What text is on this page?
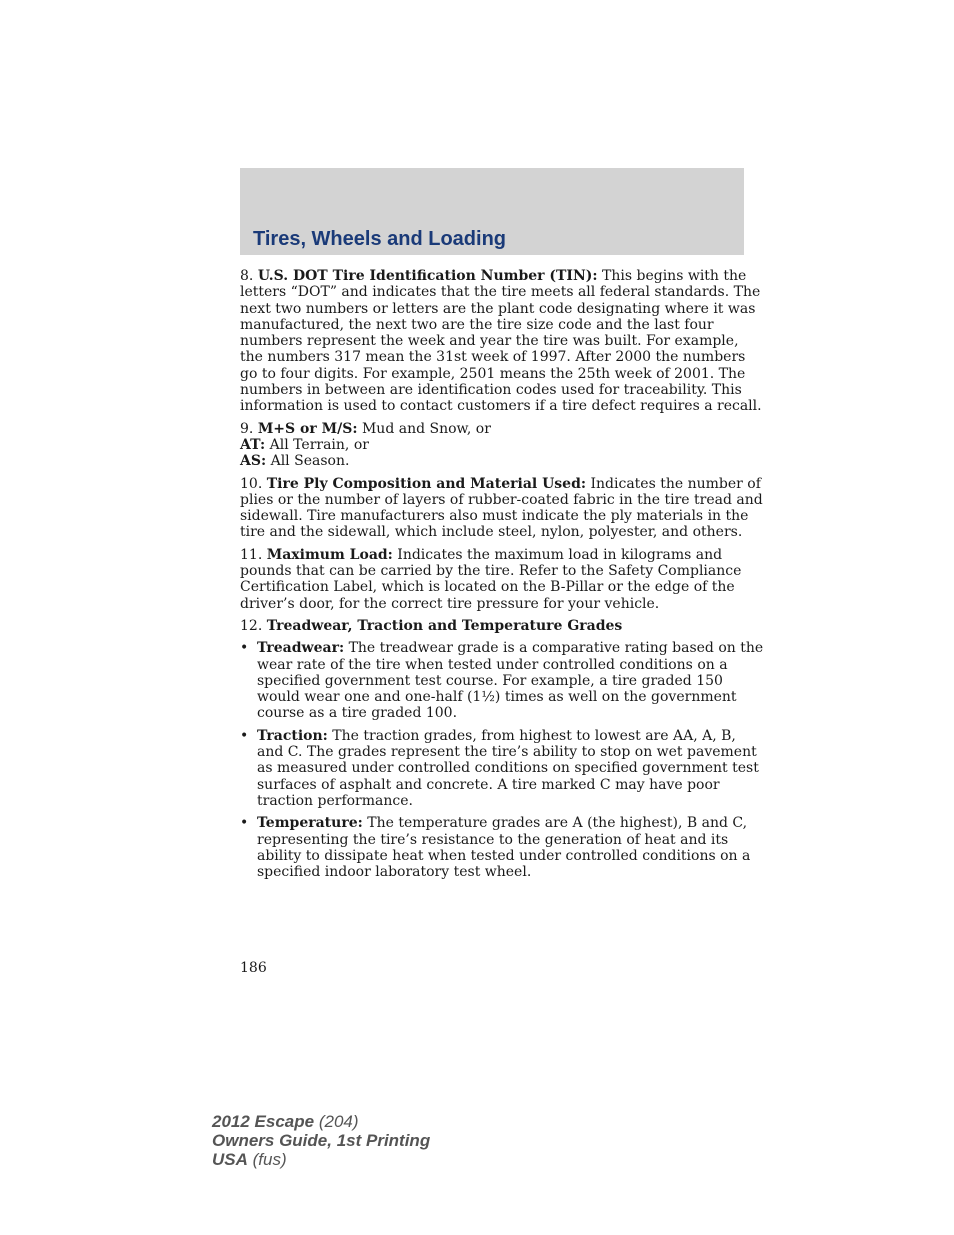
Tires, Wheels and Loading
8. U.S. DOT Tire Identification Number (TIN): This begins with the
letters “DOT” and indicates that the tire meets all federal standards. The
next two numbers or letters are the plant code designating where it was
manufactured, the next two are the tire size code and the last four
numbers represent the week and year the tire was built. For example,
the numbers 317 mean the 31st week of 1997. After 2000 the numbers
go to four digits. For example, 2501 means the 25th week of 2001. The
numbers in between are identification codes used for traceability. This
information is used to contact customers if a tire defect requires a recall.
9. M+S or M/S: Mud and Snow, or
AT: All Terrain, or
AS: All Season.
10. Tire Ply Composition and Material Used: Indicates the number of
plies or the number of layers of rubber-coated fabric in the tire tread and
sidewall. Tire manufacturers also must indicate the ply materials in the
tire and the sidewall, which include steel, nylon, polyester, and others.
11. Maximum Load: Indicates the maximum load in kilograms and
pounds that can be carried by the tire. Refer to the Safety Compliance
Certification Label, which is located on the B-Pillar or the edge of the
driver’s door, for the correct tire pressure for your vehicle.
12. Treadwear, Traction and Temperature Grades
• Treadwear: The treadwear grade is a comparative rating based on the
wear rate of the tire when tested under controlled conditions on a
specified government test course. For example, a tire graded 150
would wear one and one-half (1½) times as well on the government
course as a tire graded 100.
• Traction: The traction grades, from highest to lowest are AA, A, B,
and C. The grades represent the tire’s ability to stop on wet pavement
as measured under controlled conditions on specified government test
surfaces of asphalt and concrete. A tire marked C may have poor
traction performance.
• Temperature: The temperature grades are A (the highest), B and C,
representing the tire’s resistance to the generation of heat and its
ability to dissipate heat when tested under controlled conditions on a
specified indoor laboratory test wheel.
186
2012 Escape (204)
Owners Guide, 1st Printing
USA (fus)
